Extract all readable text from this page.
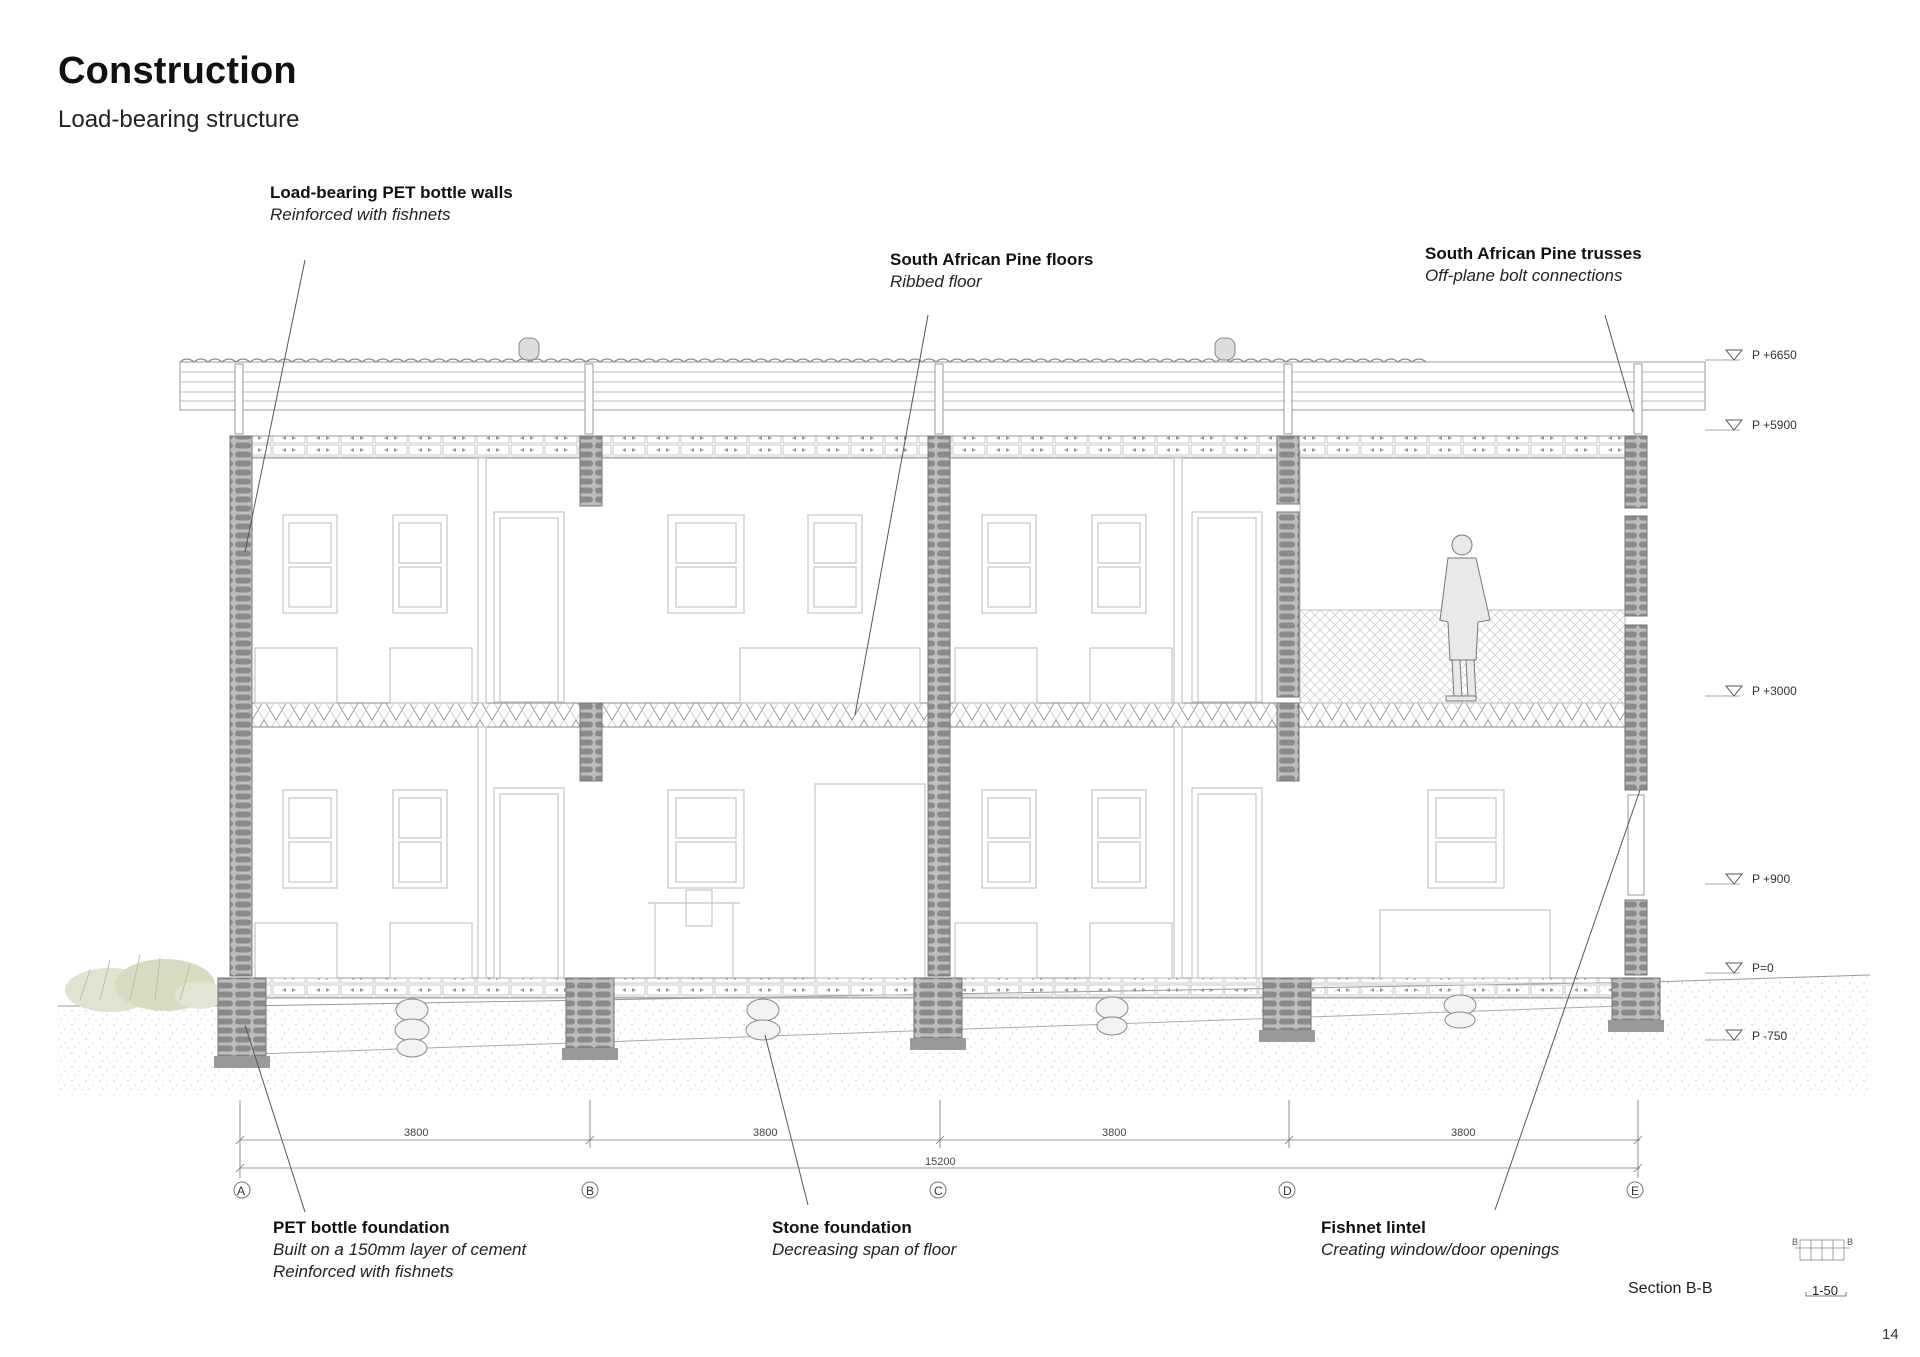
Construction
Load-bearing structure
Load-bearing PET bottle walls
Reinforced with fishnets
South African Pine floors
Ribbed floor
South African Pine trusses
Off-plane bolt connections
PET bottle foundation
Built on a 150mm layer of cement
Reinforced with fishnets
Stone foundation
Decreasing span of floor
Fishnet lintel
Creating window/door openings
P +6650
P +5900
P +3000
P +900
P=0
P -750
3800	3800	3800	3800
15200
A	B	C	D	E
B	B
Section B-B	1-50
14
